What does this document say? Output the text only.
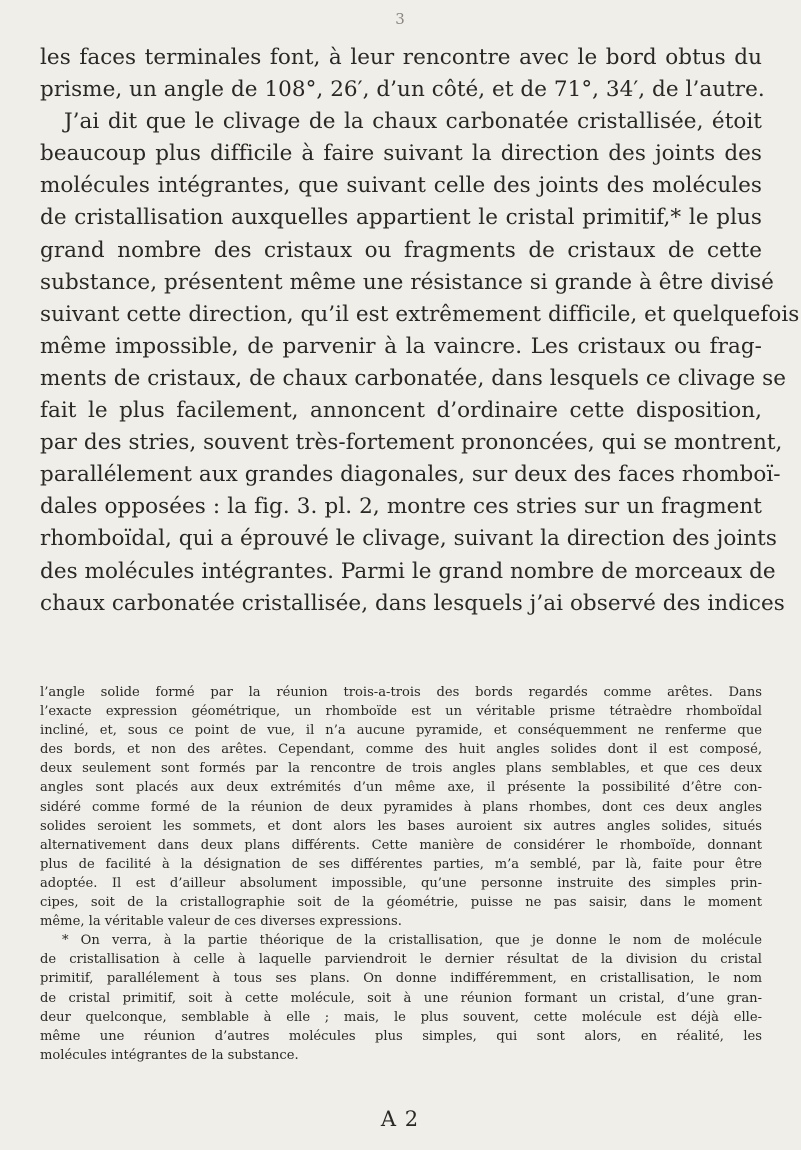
3
les faces terminales font, à leur rencontre avec le bord obtus du
prisme, un angle de 108°, 26′, d’un côté, et de 71°, 34′, de l’autre.
J’ai dit que le clivage de la chaux carbonatée cristallisée, étoit
beaucoup plus difficile à faire suivant la direction des joints des
molécules intégrantes, que suivant celle des joints des molécules
de cristallisation auxquelles appartient le cristal primitif,* le plus
grand nombre des cristaux ou fragments de cristaux de cette
substance, présentent même une résistance si grande à être divisé
suivant cette direction, qu’il est extrêmement difficile, et quelquefois
même impossible, de parvenir à la vaincre. Les cristaux ou frag-
ments de cristaux, de chaux carbonatée, dans lesquels ce clivage se
fait le plus facilement, annoncent d’ordinaire cette disposition,
par des stries, souvent très-fortement prononcées, qui se montrent,
parallélement aux grandes diagonales, sur deux des faces rhomboï-
dales opposées : la fig. 3. pl. 2, montre ces stries sur un fragment
rhomboïdal, qui a éprouvé le clivage, suivant la direction des joints
des molécules intégrantes. Parmi le grand nombre de morceaux de
chaux carbonatée cristallisée, dans lesquels j’ai observé des indices
l’angle solide formé par la réunion trois-a-trois des bords regardés comme arêtes. Dans
l’exacte expression géométrique, un rhomboïde est un véritable prisme tétraèdre rhomboïdal
incliné, et, sous ce point de vue, il n’a aucune pyramide, et conséquemment ne renferme que
des bords, et non des arêtes. Cependant, comme des huit angles solides dont il est composé,
deux seulement sont formés par la rencontre de trois angles plans semblables, et que ces deux
angles sont placés aux deux extrémités d’un même axe, il présente la possibilité d’être con-
sidéré comme formé de la réunion de deux pyramides à plans rhombes, dont ces deux angles
solides seroient les sommets, et dont alors les bases auroient six autres angles solides, situés
alternativement dans deux plans différents. Cette manière de considérer le rhomboïde, donnant
plus de facilité à la désignation de ses différentes parties, m’a semblé, par là, faite pour être
adoptée. Il est d’ailleur absolument impossible, qu’une personne instruite des simples prin-
cipes, soit de la cristallographie soit de la géométrie, puisse ne pas saisir, dans le moment
même, la véritable valeur de ces diverses expressions.
* On verra, à la partie théorique de la cristallisation, que je donne le nom de molécule
de cristallisation à celle à laquelle parviendroit le dernier résultat de la division du cristal
primitif, parallélement à tous ses plans. On donne indifféremment, en cristallisation, le nom
de cristal primitif, soit à cette molécule, soit à une réunion formant un cristal, d’une gran-
deur quelconque, semblable à elle ; mais, le plus souvent, cette molécule est déjà elle-
même une réunion d’autres molécules plus simples, qui sont alors, en réalité, les
molécules intégrantes de la substance.
A 2
